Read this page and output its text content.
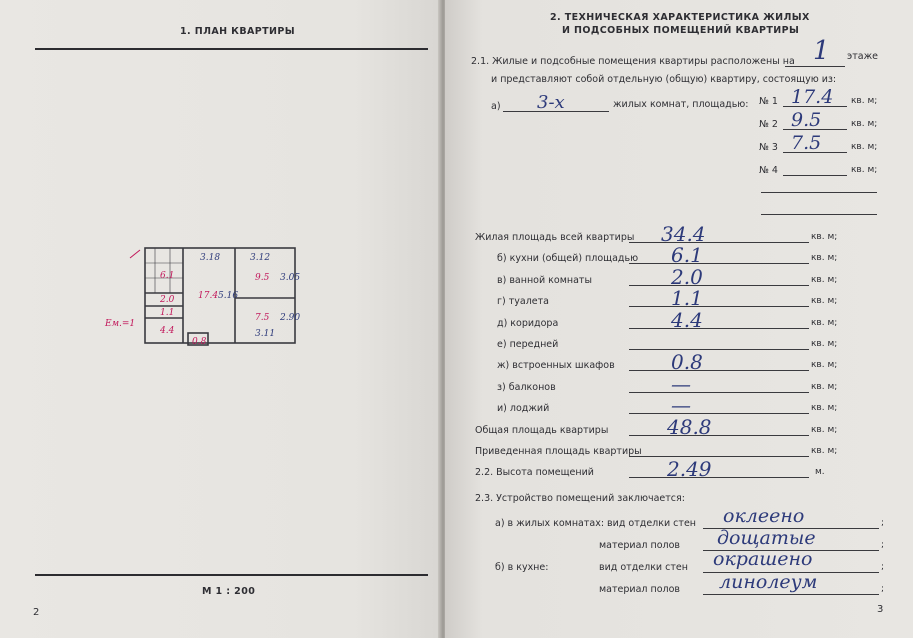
1. ПЛАН КВАРТИРЫ
Ем.=1
6.1
2.0
1.1
4.4
17.4
9.5
7.5
0.8
3.18	3.12
3.11
5.16
3.05
2.90
М 1 : 200
2
2. ТЕХНИЧЕСКАЯ ХАРАКТЕРИСТИКА ЖИЛЫХ
И ПОДСОБНЫХ ПОМЕЩЕНИЙ КВАРТИРЫ
2.1. Жилые и подсобные помещения квартиры расположены на 1 этаже
и представляют собой отдельную (общую) квартиру, состоящую из:
а) 3-х	жилых комнат, площадью: № 1 17.4 кв. м;
№ 2 9.5	кв. м;
№ 3 7.5	кв. м;
№ 4	кв. м;
Жилая площадь всей квартиры 34.4	кв. м;
б) кухни (общей) площадью 6.1	кв. м;
в) ванной комнаты	2.0	кв. м;
г) туалета	1.1	кв. м;
д) коридора	4.4	кв. м;
е) передней	кв. м;
ж) встроенных шкафов	0.8	кв. м;
з) балконов	—	кв. м;
и) лоджий	—	кв. м;
Общая площадь квартиры	48.8	кв. м;
Приведенная площадь квартиры	кв. м;
2.2. Высота помещений	2.49	м.
2.3. Устройство помещений заключается:
а) в жилых комнатах: вид отделки стен оклеено	;
материал полов дощатые	;
б) в кухне:	вид отделки стен окрашено	;
материал полов линолеум	;
3
